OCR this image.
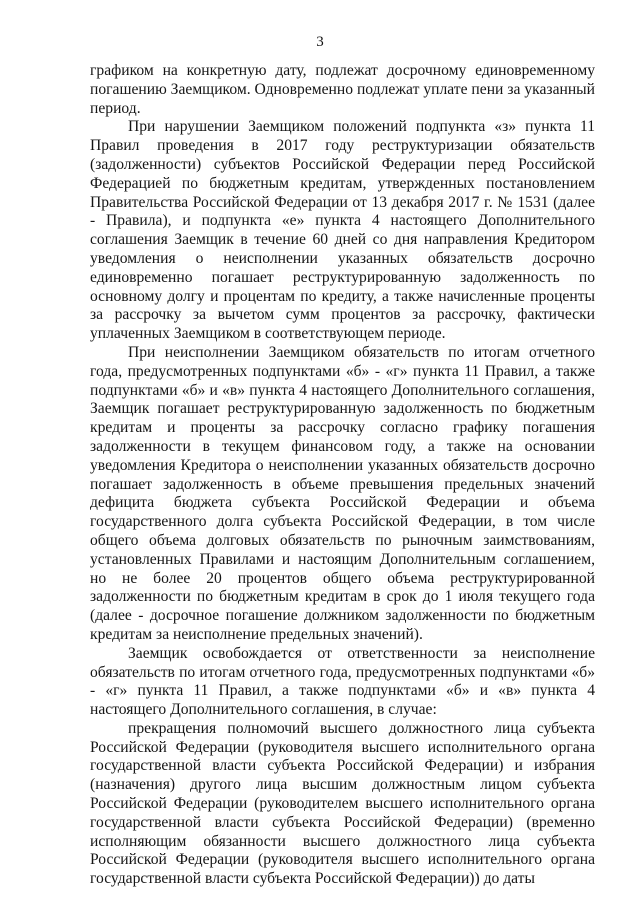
3

графиком на конкретную дату, подлежат досрочному единовременному погашению Заемщиком. Одновременно подлежат уплате пени за указанный период.

При нарушении Заемщиком положений подпункта «з» пункта 11 Правил проведения в 2017 году реструктуризации обязательств (задолженности) субъектов Российской Федерации перед Российской Федерацией по бюджетным кредитам, утвержденных постановлением Правительства Российской Федерации от 13 декабря 2017 г. № 1531 (далее - Правила), и подпункта «е» пункта 4 настоящего Дополнительного соглашения Заемщик в течение 60 дней со дня направления Кредитором уведомления о неисполнении указанных обязательств досрочно единовременно погашает реструктурированную задолженность по основному долгу и процентам по кредиту, а также начисленные проценты за рассрочку за вычетом сумм процентов за рассрочку, фактически уплаченных Заемщиком в соответствующем периоде.

При неисполнении Заемщиком обязательств по итогам отчетного года, предусмотренных подпунктами «б» - «г» пункта 11 Правил, а также подпунктами «б» и «в» пункта 4 настоящего Дополнительного соглашения, Заемщик погашает реструктурированную задолженность по бюджетным кредитам и проценты за рассрочку согласно графику погашения задолженности в текущем финансовом году, а также на основании уведомления Кредитора о неисполнении указанных обязательств досрочно погашает задолженность в объеме превышения предельных значений дефицита бюджета субъекта Российской Федерации и объема государственного долга субъекта Российской Федерации, в том числе общего объема долговых обязательств по рыночным заимствованиям, установленных Правилами и настоящим Дополнительным соглашением, но не более 20 процентов общего объема реструктурированной задолженности по бюджетным кредитам в срок до 1 июля текущего года (далее - досрочное погашение должником задолженности по бюджетным кредитам за неисполнение предельных значений).

Заемщик освобождается от ответственности за неисполнение обязательств по итогам отчетного года, предусмотренных подпунктами «б» - «г» пункта 11 Правил, а также подпунктами «б» и «в» пункта 4 настоящего Дополнительного соглашения, в случае:

прекращения полномочий высшего должностного лица субъекта Российской Федерации (руководителя высшего исполнительного органа государственной власти субъекта Российской Федерации) и избрания (назначения) другого лица высшим должностным лицом субъекта Российской Федерации (руководителем высшего исполнительного органа государственной власти субъекта Российской Федерации) (временно исполняющим обязанности высшего должностного лица субъекта Российской Федерации (руководителя высшего исполнительного органа государственной власти субъекта Российской Федерации)) до даты
